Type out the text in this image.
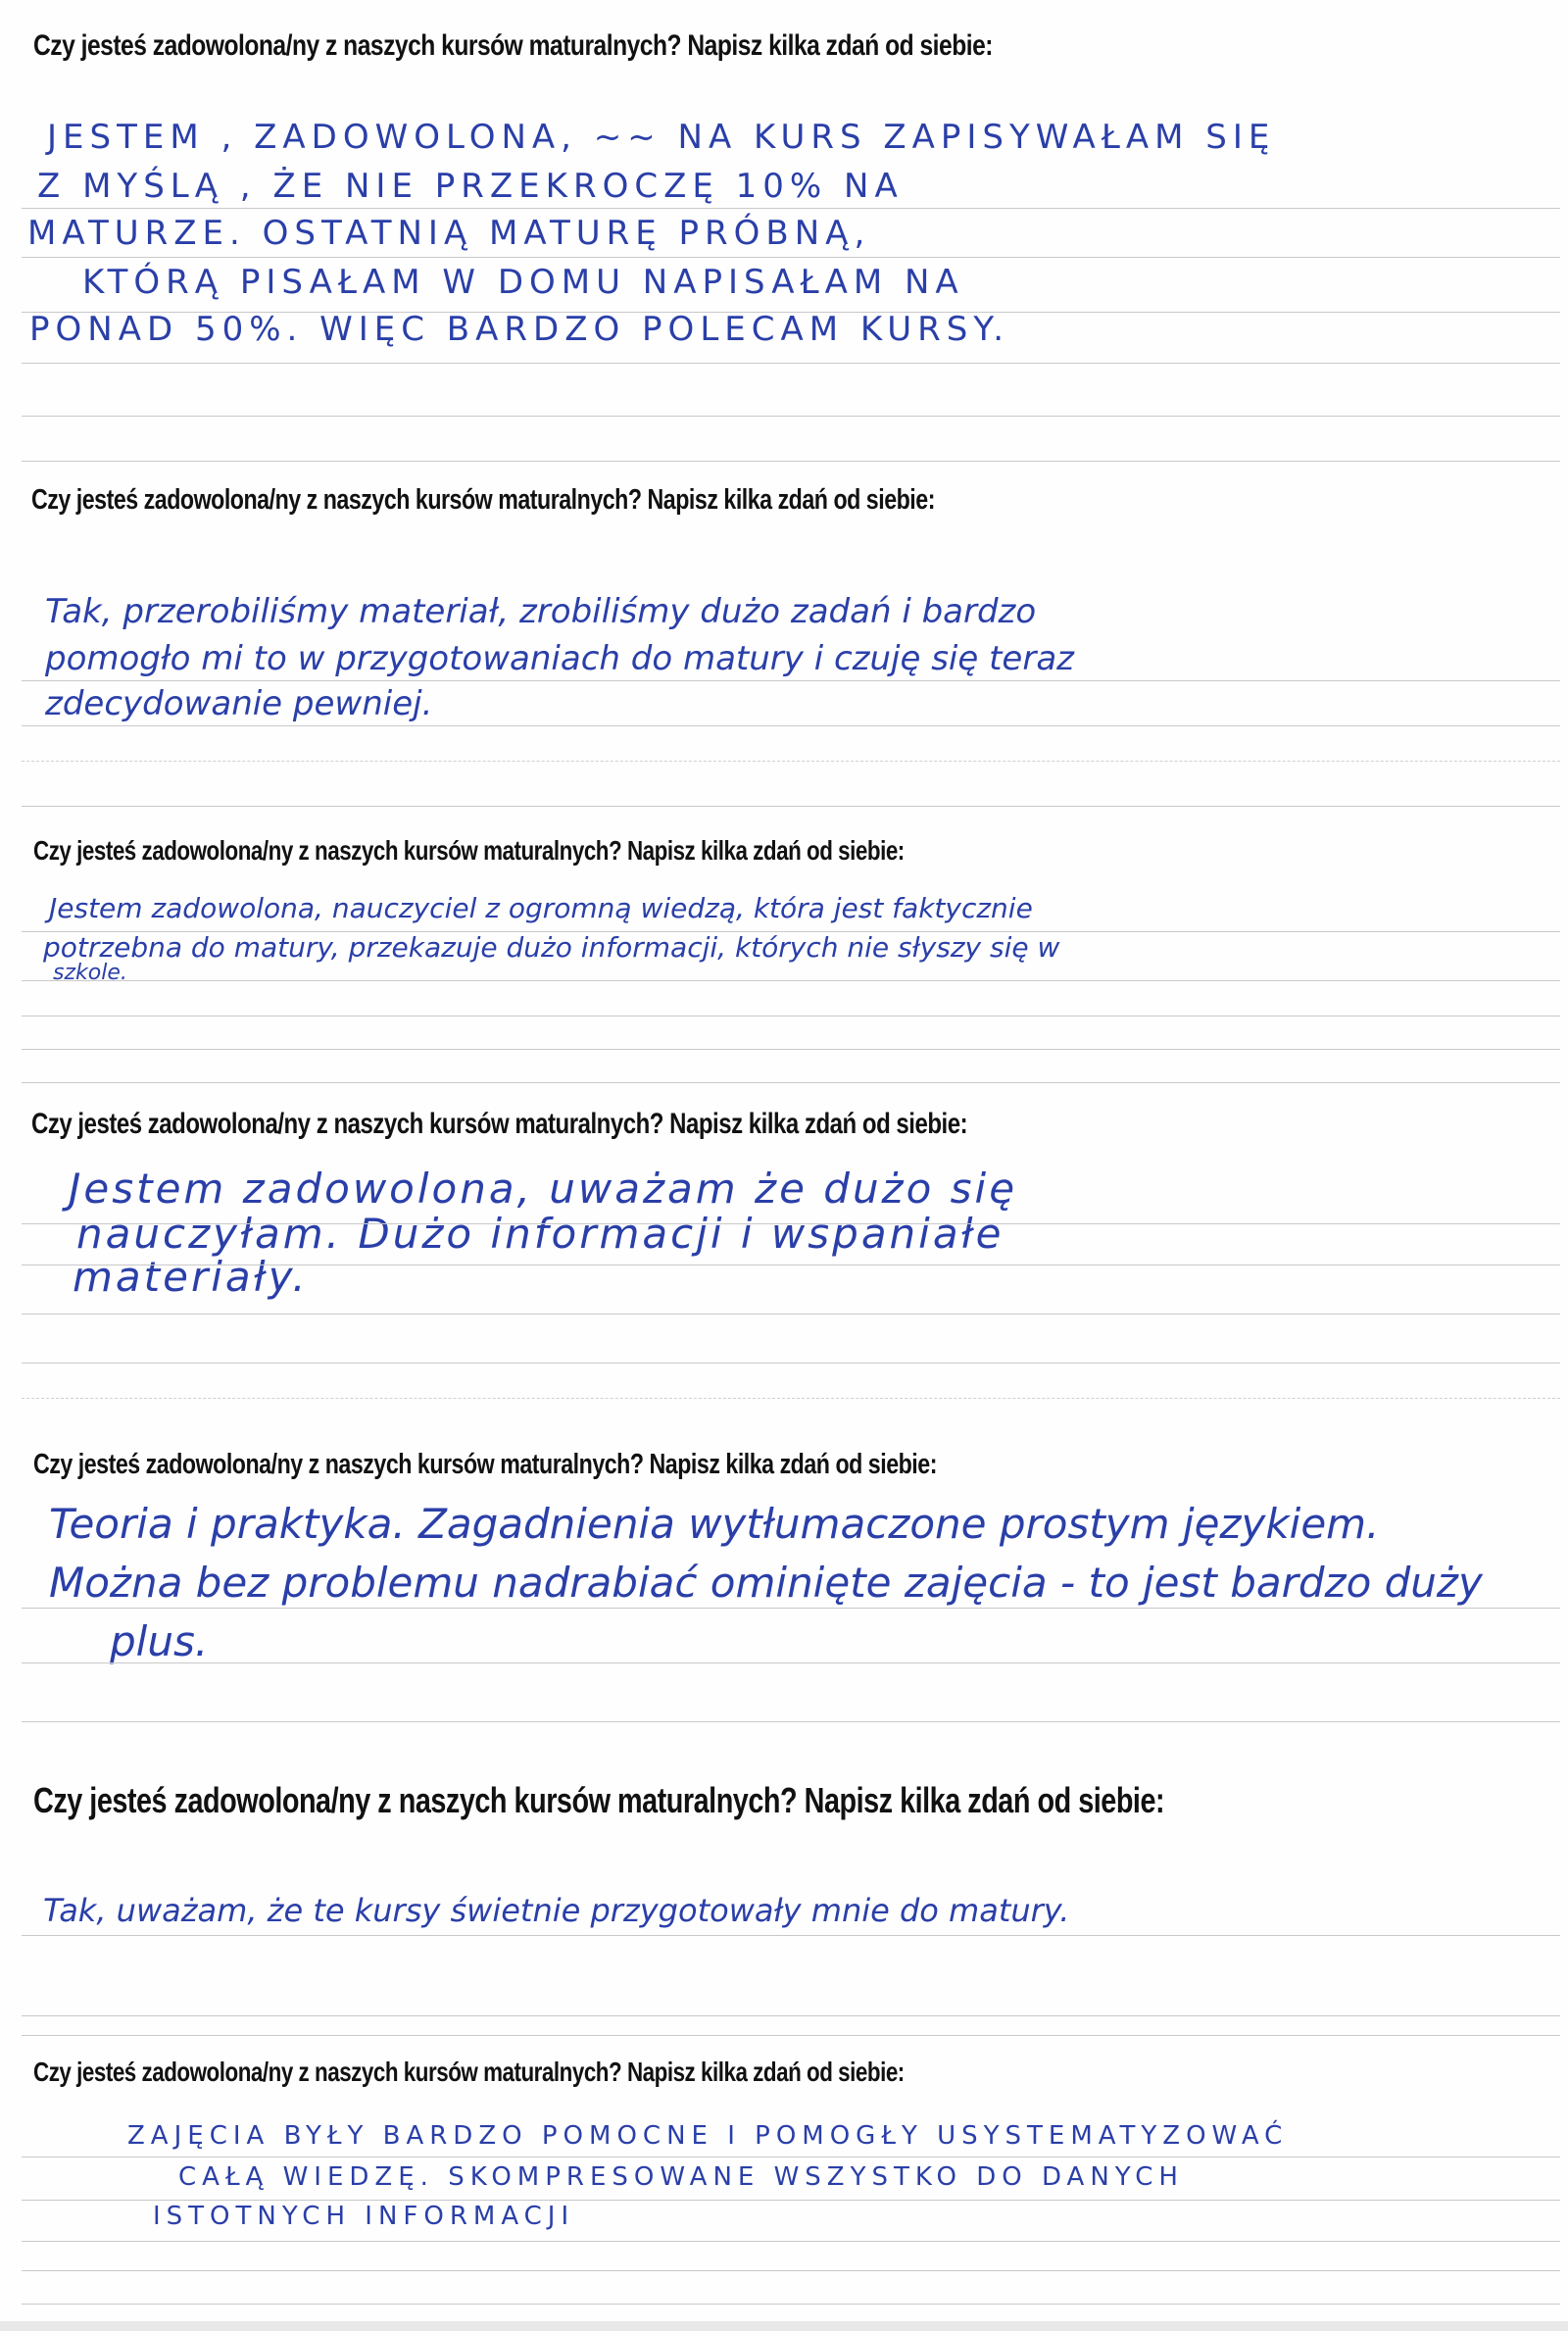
Czy jesteś zadowolona/ny z naszych kursów maturalnych? Napisz kilka zdań od siebie:
JESTEM , ZADOWOLONA, ~~ NA KURS ZAPISYWAŁAM SIĘ
Z MYŚLĄ , ŻE NIE PRZEKROCZĘ 10% NA
MATURZE. OSTATNIĄ MATURĘ PRÓBNĄ,
KTÓRĄ PISAŁAM W DOMU NAPISAŁAM NA
PONAD 50%. WIĘC BARDZO POLECAM KURSY.
Czy jesteś zadowolona/ny z naszych kursów maturalnych? Napisz kilka zdań od siebie:
Tak, przerobiliśmy materiał, zrobiliśmy dużo zadań i bardzo
pomogło mi to w przygotowaniach do matury i czuję się teraz
zdecydowanie pewniej.
Czy jesteś zadowolona/ny z naszych kursów maturalnych? Napisz kilka zdań od siebie:
Jestem zadowolona, nauczyciel z ogromną wiedzą, która jest faktycznie
potrzebna do matury, przekazuje dużo informacji, których nie słyszy się w
szkole.
Czy jesteś zadowolona/ny z naszych kursów maturalnych? Napisz kilka zdań od siebie:
Jestem zadowolona, uważam że dużo się
nauczyłam. Dużo informacji i wspaniałe
materiały.
Czy jesteś zadowolona/ny z naszych kursów maturalnych? Napisz kilka zdań od siebie:
Teoria i praktyka. Zagadnienia wytłumaczone prostym językiem.
Można bez problemu nadrabiać ominięte zajęcia - to jest bardzo duży
plus.
Czy jesteś zadowolona/ny z naszych kursów maturalnych? Napisz kilka zdań od siebie:
Tak, uważam, że te kursy świetnie przygotowały mnie do matury.
Czy jesteś zadowolona/ny z naszych kursów maturalnych? Napisz kilka zdań od siebie:
ZAJĘCIA BYŁY BARDZO POMOCNE I POMOGŁY USYSTEMATYZOWAĆ
CAŁĄ WIEDZĘ. SKOMPRESOWANE WSZYSTKO DO DANYCH
ISTOTNYCH INFORMACJI
